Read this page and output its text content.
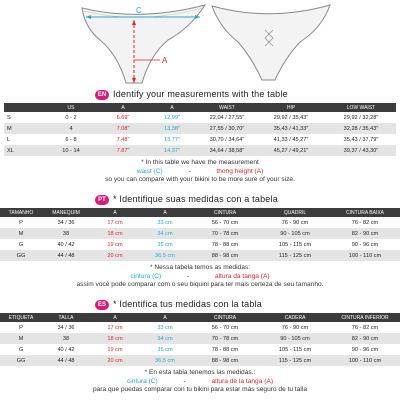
C
A
EN Identify your measurements with the table
	US	A	A	WAIST	HIP	LOW WAIST
S	0 - 2	6.69"	12.99"	22,04 / 27,55"	29,92 / 35,43"	29,92 / 32,28"
M	4	7.08"	13,38"	27,55 / 30,70"	35,43 / 41,33"	32,28 / 35,43"
L	6 - 8	7.48"	13.77"	30,70 / 34,64"	41,33 / 45,27"	35,43 / 37,79"
XL	10 - 14	7.87"	14,37"	34,64 / 38,58"	45,27 / 49,21"	39,37 / 43,30"
* In this table we have the measurement
waist (C)	-	thong height (A)
so you can compare with your bikini to be more sure of your size.
PT * Identifique suas medidas con a tabela
TAMANHO	MANEQUIM	A	A	CINTURA	QUADRIL	CINTURA BAIXA
P	34 / 36	17 cm	33 cm	56 - 70 cm	76 - 90 cm	76 - 82 cm
M	38	18 cm	34 cm	70 - 78 cm	90 - 105 cm	82 - 90 cm
G	40 / 42	19 cm	35 cm	78 - 88 cm	105 - 115 cm	90 - 96 cm
GG	44 / 48	20 cm	36,5 cm	88 - 98 cm	115 - 125 cm	100 - 110 cm
* Nessa tabela temos as medidas:
cintura (C)	-	altura da tanga (A)
assim você pode comparar com o seu biquini para ter mais certeza de seu tamanho.
ES * Identifica tus medidas con la tabla
ETIQUETA	TALLA	A	A	CINTURA	CADERA	CINTURA INFERIOR
P	34 / 36	17 cm	33 cm	56 - 70 cm	76 - 90 cm	76 - 82 cm
M	38	18 cm	34 cm	70 - 78 cm	90 - 105 cm	82 - 90 cm
G	40 / 42	19 cm	35 cm	78 - 88 cm	105 - 115 cm	90 - 96 cm
GG	44 / 48	20 cm	36,5 cm	88 - 98 cm	115 - 125 cm	100 - 110 cm
* En esta tabla tenemos las medidas.:
cintura (C)	-	altura de la tanga (A)
para que puedas comparar con tu bikini para estar más seguro de tu talla
